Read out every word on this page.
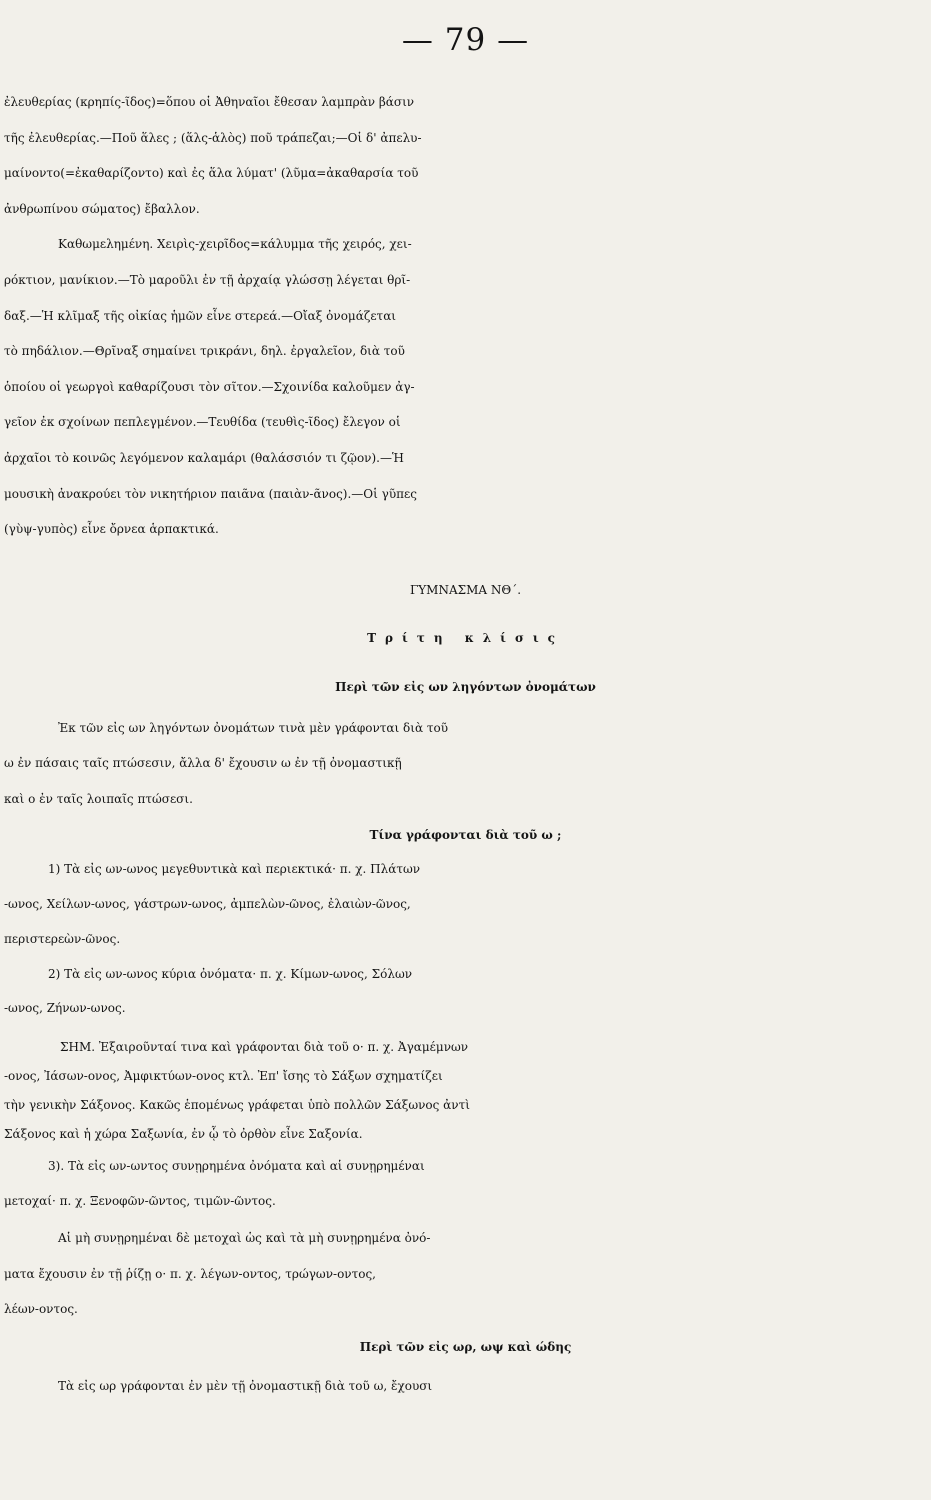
— 79 —
ἐλευθερίας (κρηπίς-ῖδος)=ὅπου οἱ Ἀθηναῖοι ἔθεσαν λαμπρὰν βάσιν
τῆς ἐλευθερίας.—Ποῦ ἅλες ; (ἅλς-ἁλὸς) ποῦ τράπεζαι;—Οἱ δ' ἀπελυ-
μαίνοντο(=ἐκαθαρίζοντο) καὶ ἐς ἅλα λύματ' (λῦμα=ἀκαθαρσία τοῦ
ἀνθρωπίνου σώματος) ἔβαλλον.
Καθωμελημένη. Χειρὶς-χειρῖδος=κάλυμμα τῆς χειρός, χει-
ρόκτιον, μανίκιον.—Τὸ μαροῦλι ἐν τῇ ἀρχαίᾳ γλώσσῃ λέγεται θρῖ-
δαξ.—Ἡ κλῖμαξ τῆς οἰκίας ἡμῶν εἶνε στερεά.—Οἴαξ ὀνομάζεται
τὸ πηδάλιον.—Θρῖναξ σημαίνει τρικράνι, δηλ. ἐργαλεῖον, διὰ τοῦ
ὁποίου οἱ γεωργοὶ καθαρίζουσι τὸν σῖτον.—Σχοινίδα καλοῦμεν ἀγ-
γεῖον ἐκ σχοίνων πεπλεγμένον.—Τευθίδα (τευθὶς-ῖδος) ἔλεγον οἱ
ἀρχαῖοι τὸ κοινῶς λεγόμενον καλαμάρι (θαλάσσιόν τι ζῷον).—Ἡ
μουσικὴ ἀνακρούει τὸν νικητήριον παιᾶνα (παιὰν-ᾶνος).—Οἱ γῦπες
(γὺψ-γυπὸς) εἶνε ὄρνεα ἁρπακτικά.
ΓΥΜΝΑΣΜΑ ΝΘ΄.
Τρίτη κλίσις
Περὶ τῶν εἰς ων ληγόντων ὀνομάτων
Ἐκ τῶν εἰς ων ληγόντων ὀνομάτων τινὰ μὲν γράφονται διὰ τοῦ
ω ἐν πάσαις ταῖς πτώσεσιν, ἄλλα δ' ἔχουσιν ω ἐν τῇ ὀνομαστικῇ
καὶ ο ἐν ταῖς λοιπαῖς πτώσεσι.
Τίνα γράφονται διὰ τοῦ ω ;
1) Τὰ εἰς ων-ωνος μεγεθυντικὰ καὶ περιεκτικά· π. χ. Πλάτων
-ωνος, Χείλων-ωνος, γάστρων-ωνος, ἀμπελὼν-ῶνος, ἐλαιὼν-ῶνος,
περιστερεὼν-ῶνος.
2) Τὰ εἰς ων-ωνος κύρια ὀνόματα· π. χ. Κίμων-ωνος, Σόλων
-ωνος, Ζήνων-ωνος.
ΣΗΜ. Ἐξαιροῦνταί τινα καὶ γράφονται διὰ τοῦ ο· π. χ. Ἀγαμέμνων
-ονος, Ἰάσων-ονος, Ἀμφικτύων-ονος κτλ. Ἐπ' ἴσης τὸ Σάξων σχηματίζει
τὴν γενικὴν Σάξονος. Κακῶς ἑπομένως γράφεται ὑπὸ πολλῶν Σάξωνος ἀντὶ
Σάξονος καὶ ἡ χώρα Σαξωνία, ἐν ᾧ τὸ ὀρθὸν εἶνε Σαξονία.
3). Τὰ εἰς ων-ωντος συνῃρημένα ὀνόματα καὶ αἱ συνῃρημέναι
μετοχαί· π. χ. Ξενοφῶν-ῶντος, τιμῶν-ῶντος.
Αἱ μὴ συνῃρημέναι δὲ μετοχαὶ ὡς καὶ τὰ μὴ συνῃρημένα ὀνό-
ματα ἔχουσιν ἐν τῇ ῥίζῃ ο· π. χ. λέγων-οντος, τρώγων-οντος,
λέων-οντος.
Περὶ τῶν εἰς ωρ, ωψ καὶ ώδης
Τὰ εἰς ωρ γράφονται ἐν μὲν τῇ ὀνομαστικῇ διὰ τοῦ ω, ἔχουσι
